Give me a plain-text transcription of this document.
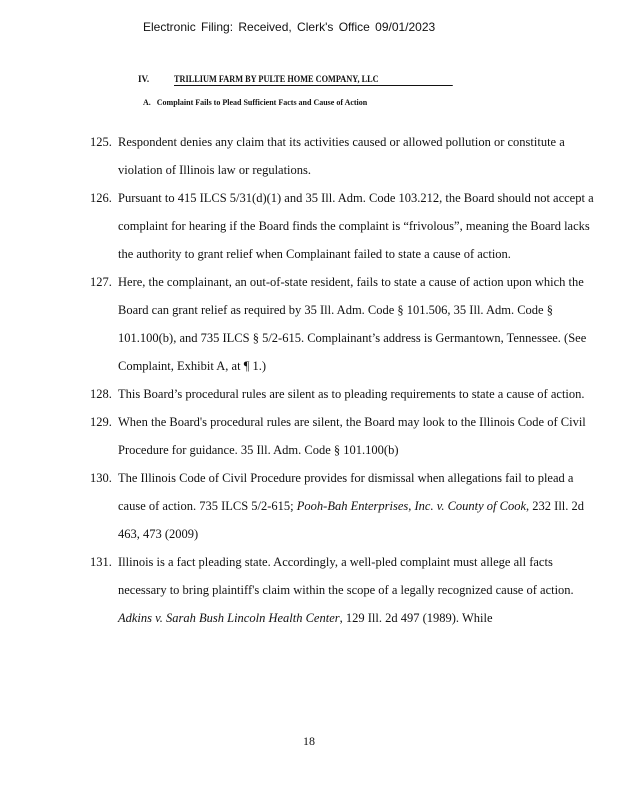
Electronic Filing: Received, Clerk's Office 09/01/2023
IV.	TRILLIUM FARM BY PULTE HOME COMPANY, LLC
A. Complaint Fails to Plead Sufficient Facts and Cause of Action
125. Respondent denies any claim that its activities caused or allowed pollution or constitute a violation of Illinois law or regulations.
126. Pursuant to 415 ILCS 5/31(d)(1) and 35 Ill. Adm. Code 103.212, the Board should not accept a complaint for hearing if the Board finds the complaint is “frivolous”, meaning the Board lacks the authority to grant relief when Complainant failed to state a cause of action.
127. Here, the complainant, an out-of-state resident, fails to state a cause of action upon which the Board can grant relief as required by 35 Ill. Adm. Code § 101.506, 35 Ill. Adm. Code § 101.100(b), and 735 ILCS § 5/2-615. Complainant’s address is Germantown, Tennessee. (See Complaint, Exhibit A, at ¶ 1.)
128. This Board’s procedural rules are silent as to pleading requirements to state a cause of action.
129. When the Board's procedural rules are silent, the Board may look to the Illinois Code of Civil Procedure for guidance. 35 Ill. Adm. Code § 101.100(b)
130. The Illinois Code of Civil Procedure provides for dismissal when allegations fail to plead a cause of action. 735 ILCS 5/2-615; Pooh-Bah Enterprises, Inc. v. County of Cook, 232 Ill. 2d 463, 473 (2009)
131. Illinois is a fact pleading state. Accordingly, a well-pled complaint must allege all facts necessary to bring plaintiff's claim within the scope of a legally recognized cause of action. Adkins v. Sarah Bush Lincoln Health Center, 129 Ill. 2d 497 (1989). While
18
